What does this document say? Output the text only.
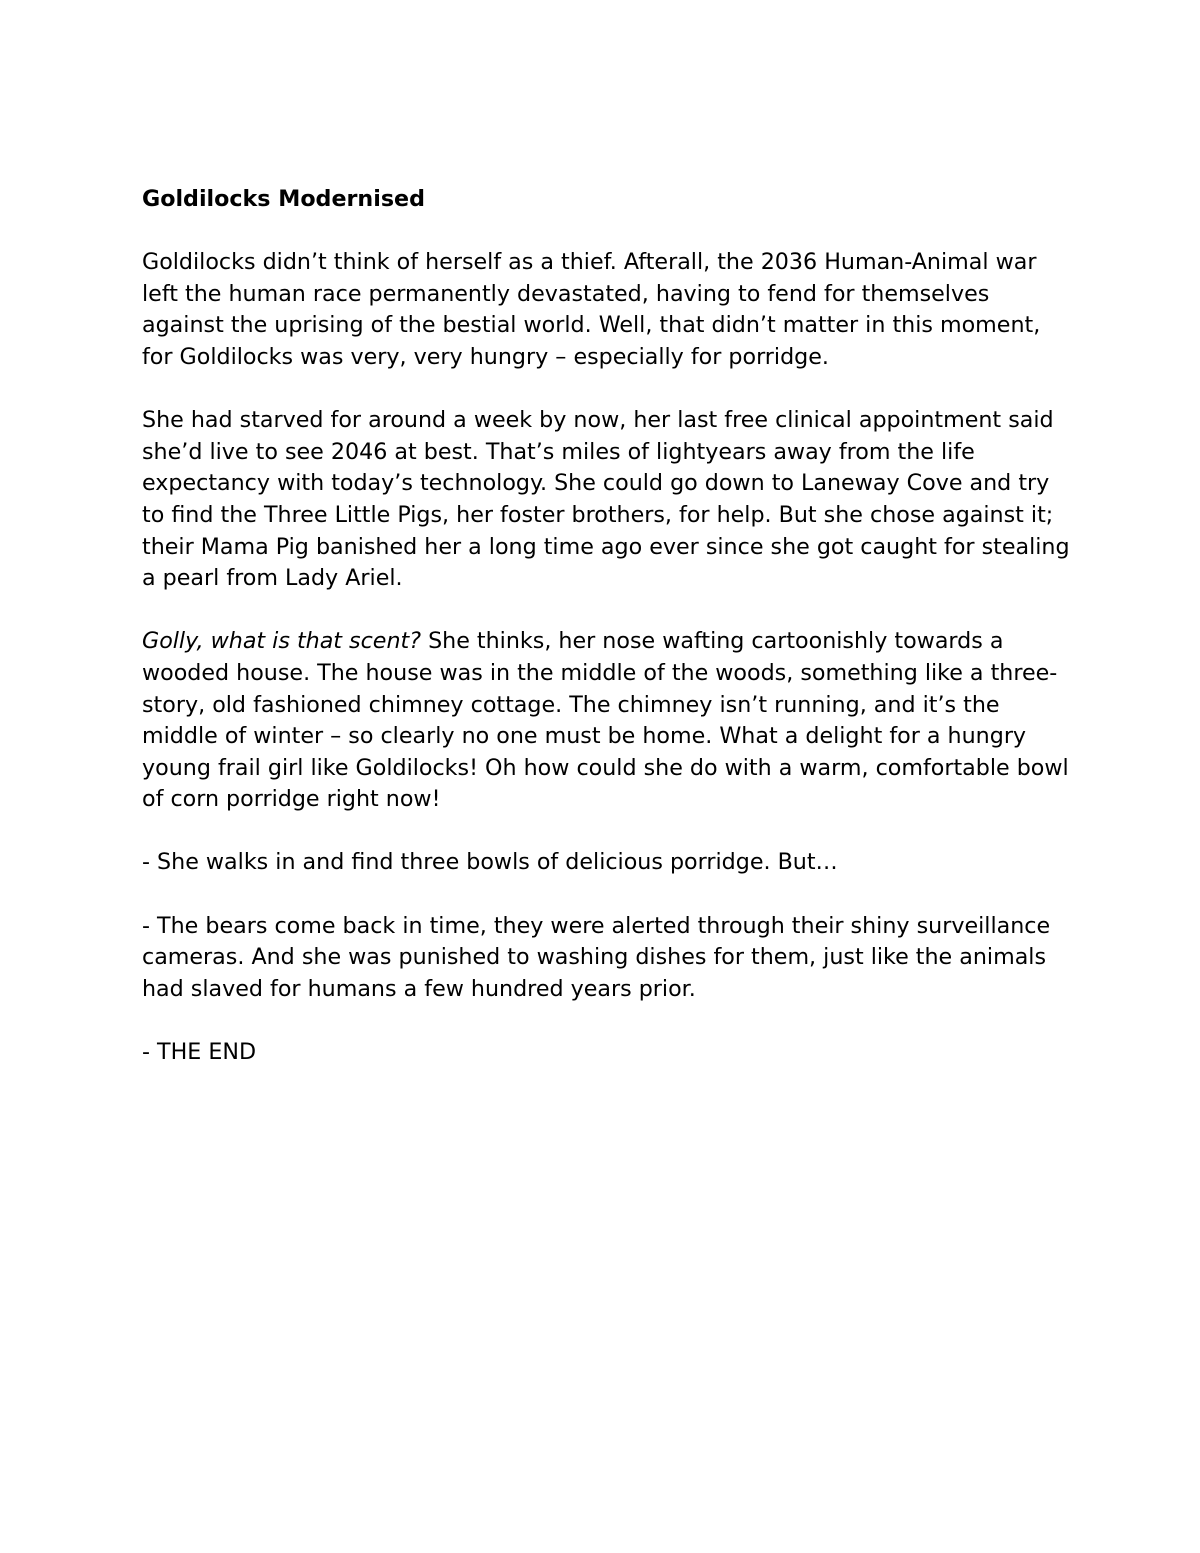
Goldilocks Modernised

Goldilocks didn’t think of herself as a thief. Afterall, the 2036 Human-Animal war left the human race permanently devastated, having to fend for themselves against the uprising of the bestial world. Well, that didn’t matter in this moment, for Goldilocks was very, very hungry – especially for porridge.

She had starved for around a week by now, her last free clinical appointment said she’d live to see 2046 at best. That’s miles of lightyears away from the life expectancy with today’s technology. She could go down to Laneway Cove and try to find the Three Little Pigs, her foster brothers, for help. But she chose against it; their Mama Pig banished her a long time ago ever since she got caught for stealing a pearl from Lady Ariel.

Golly, what is that scent? She thinks, her nose wafting cartoonishly towards a wooded house. The house was in the middle of the woods, something like a three-story, old fashioned chimney cottage. The chimney isn’t running, and it’s the middle of winter – so clearly no one must be home. What a delight for a hungry young frail girl like Goldilocks! Oh how could she do with a warm, comfortable bowl of corn porridge right now!

- She walks in and find three bowls of delicious porridge. But…

- The bears come back in time, they were alerted through their shiny surveillance cameras. And she was punished to washing dishes for them, just like the animals had slaved for humans a few hundred years prior.

- THE END
